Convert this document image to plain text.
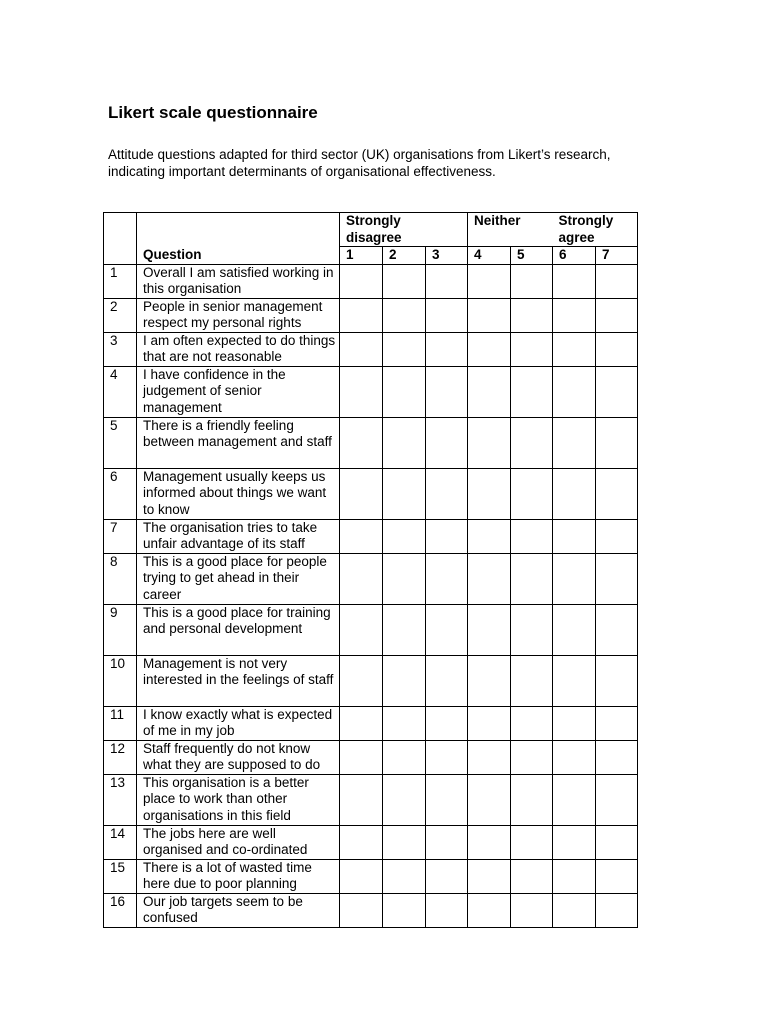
Likert scale questionnaire
Attitude questions adapted for third sector (UK) organisations from Likert’s research,
indicating important determinants of organisational effectiveness.
		Strongly disagree			Neither		Strongly agree	
	Question	1	2	3	4	5	6	7
1	Overall I am satisfied working in this organisation							
2	People in senior management respect my personal rights							
3	I am often expected to do things that are not reasonable							
4	I have confidence in the judgement of senior management							
5	There is a friendly feeling between management and staff							
6	Management usually keeps us informed about things we want to know							
7	The organisation tries to take unfair advantage of its staff							
8	This is a good place for people trying to get ahead in their career							
9	This is a good place for training and personal development							
10	Management is not very interested in the feelings of staff							
11	I know exactly what is expected of me in my job							
12	Staff frequently do not know what they are supposed to do							
13	This organisation is a better place to work than other organisations in this field							
14	The jobs here are well organised and co-ordinated							
15	There is a lot of wasted time here due to poor planning							
16	Our job targets seem to be confused							
